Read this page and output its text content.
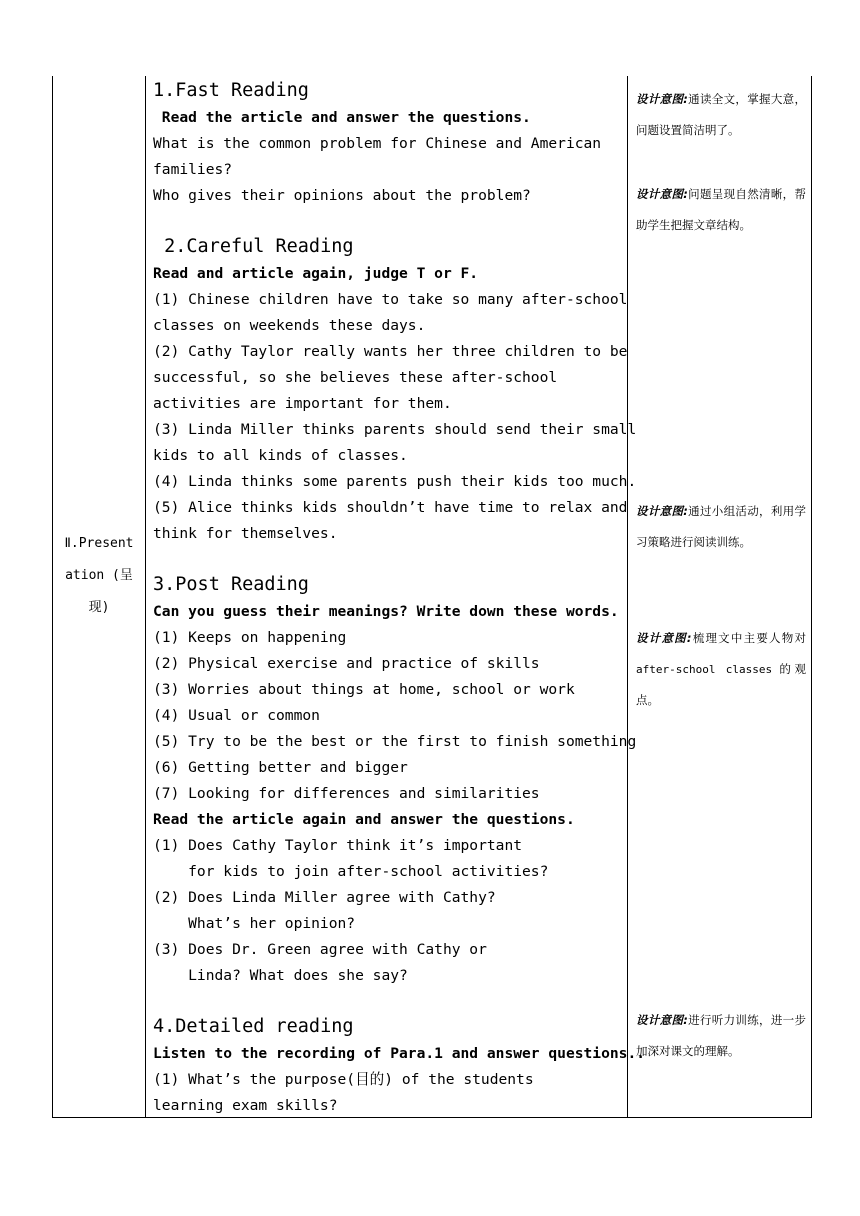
Ⅱ.Present
ation (呈
现)
1.Fast Reading
Read the article and answer the questions.
What is the common problem for Chinese and American
families?
Who gives their opinions about the problem?
2.Careful Reading
Read and article again, judge T or F.
(1) Chinese children have to take so many after-school
classes on weekends these days.
(2) Cathy Taylor really wants her three children to be
successful, so she believes these after-school
activities are important for them.
(3) Linda Miller thinks parents should send their small
kids to all kinds of classes.
(4) Linda thinks some parents push their kids too much.
(5) Alice thinks kids shouldn’t have time to relax and
think for themselves.
3.Post Reading
Can you guess their meanings? Write down these words.
(1) Keeps on happening
(2) Physical exercise and practice of skills
(3) Worries about things at home, school or work
(4) Usual or common
(5) Try to be the best or the first to finish something
(6) Getting better and bigger
(7) Looking for differences and similarities
Read the article again and answer the questions.
(1) Does Cathy Taylor think it’s important
for kids to join after-school activities?
(2) Does Linda Miller agree with Cathy?
What’s her opinion?
(3) Does Dr. Green agree with Cathy or
Linda? What does she say?
4.Detailed reading
Listen to the recording of Para.1 and answer questions..
(1) What’s the purpose(目的) of the students
learning exam skills?
设计意图:通读全文，掌握大意，问题设置简洁明了。
设计意图:问题呈现自然清晰，帮助学生把握文章结构。
设计意图:通过小组活动，利用学习策略进行阅读训练。
设计意图:梳理文中主要人物对 after-school classes 的观点。
设计意图:进行听力训练，进一步加深对课文的理解。
